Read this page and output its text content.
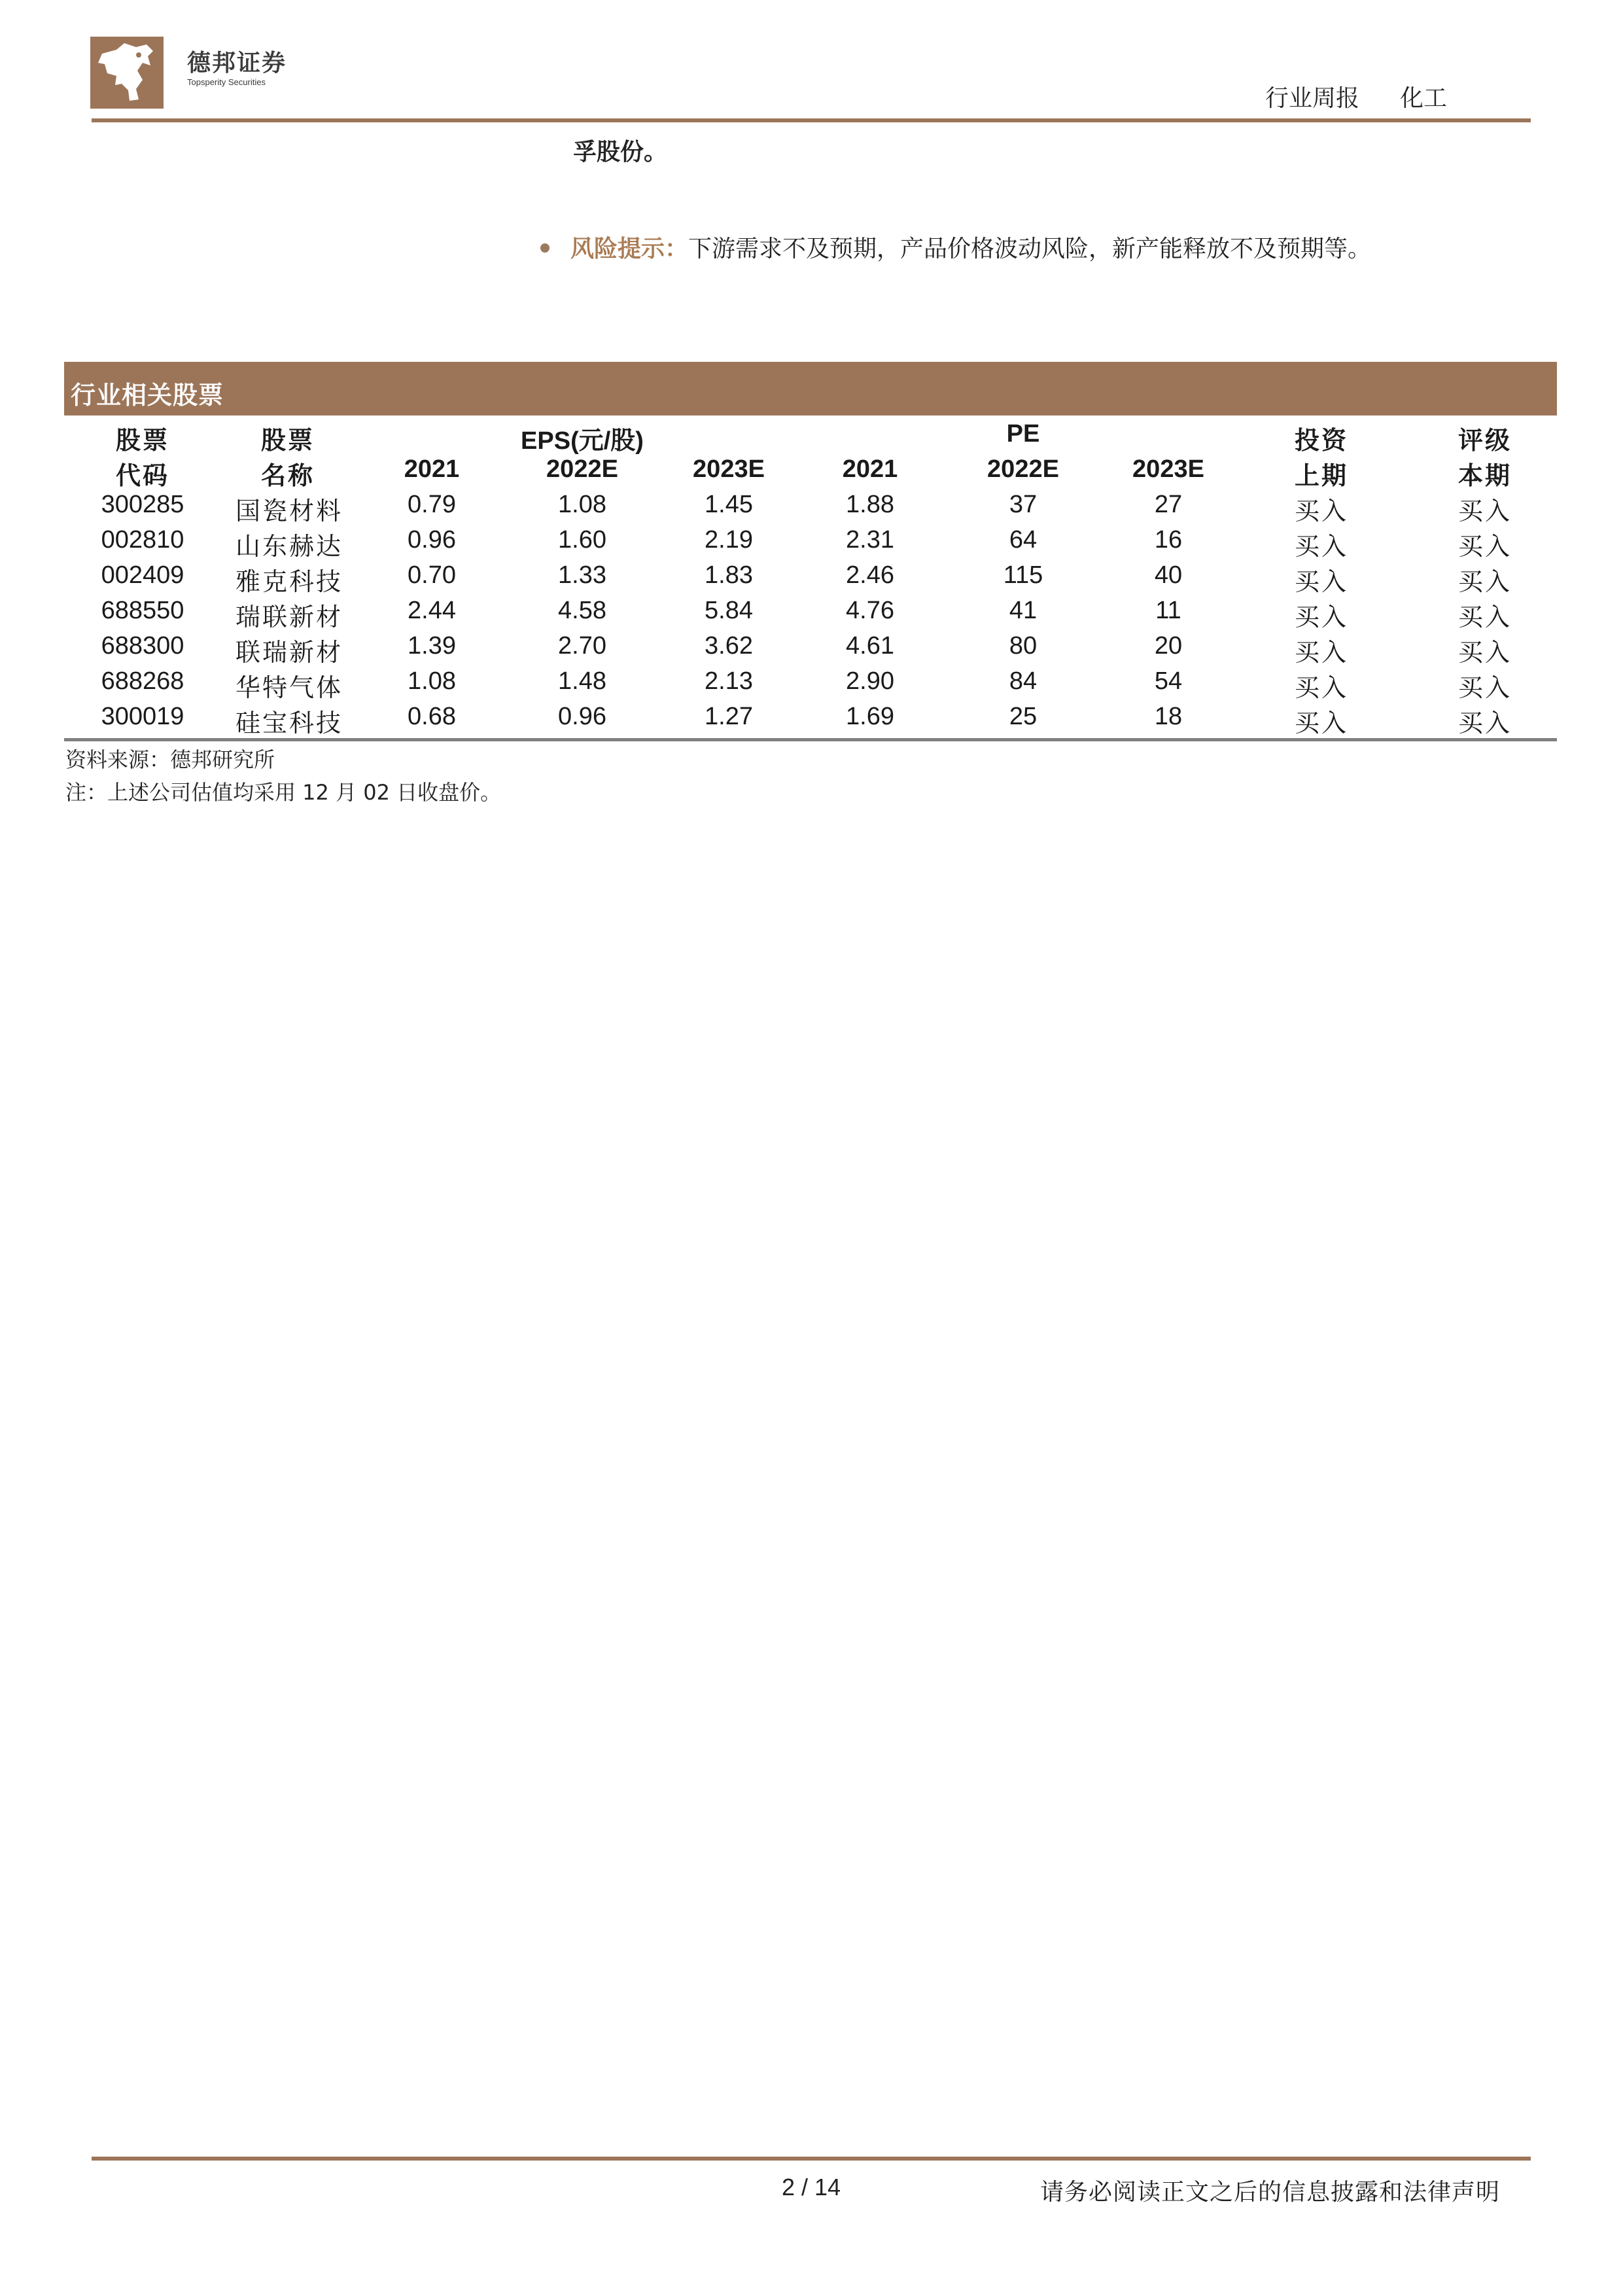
德邦证券
Topsperity Securities
行业周报 化工
孚股份。
风险提示：下游需求不及预期，产品价格波动风险，新产能释放不及预期等。
行业相关股票
股票	股票	EPS(元/股)	PE	投资	评级
代码	名称	2021	2022E	2023E	2021	2022E	2023E	上期	本期
300285	国瓷材料	0.79	1.08	1.45	1.88	37	27	买入	买入
002810	山东赫达	0.96	1.60	2.19	2.31	64	16	买入	买入
002409	雅克科技	0.70	1.33	1.83	2.46	115	40	买入	买入
688550	瑞联新材	2.44	4.58	5.84	4.76	41	11	买入	买入
688300	联瑞新材	1.39	2.70	3.62	4.61	80	20	买入	买入
688268	华特气体	1.08	1.48	2.13	2.90	84	54	买入	买入
300019	硅宝科技	0.68	0.96	1.27	1.69	25	18	买入	买入
资料来源：德邦研究所
注：上述公司估值均采用 12 月 02 日收盘价。
2 / 14	请务必阅读正文之后的信息披露和法律声明
